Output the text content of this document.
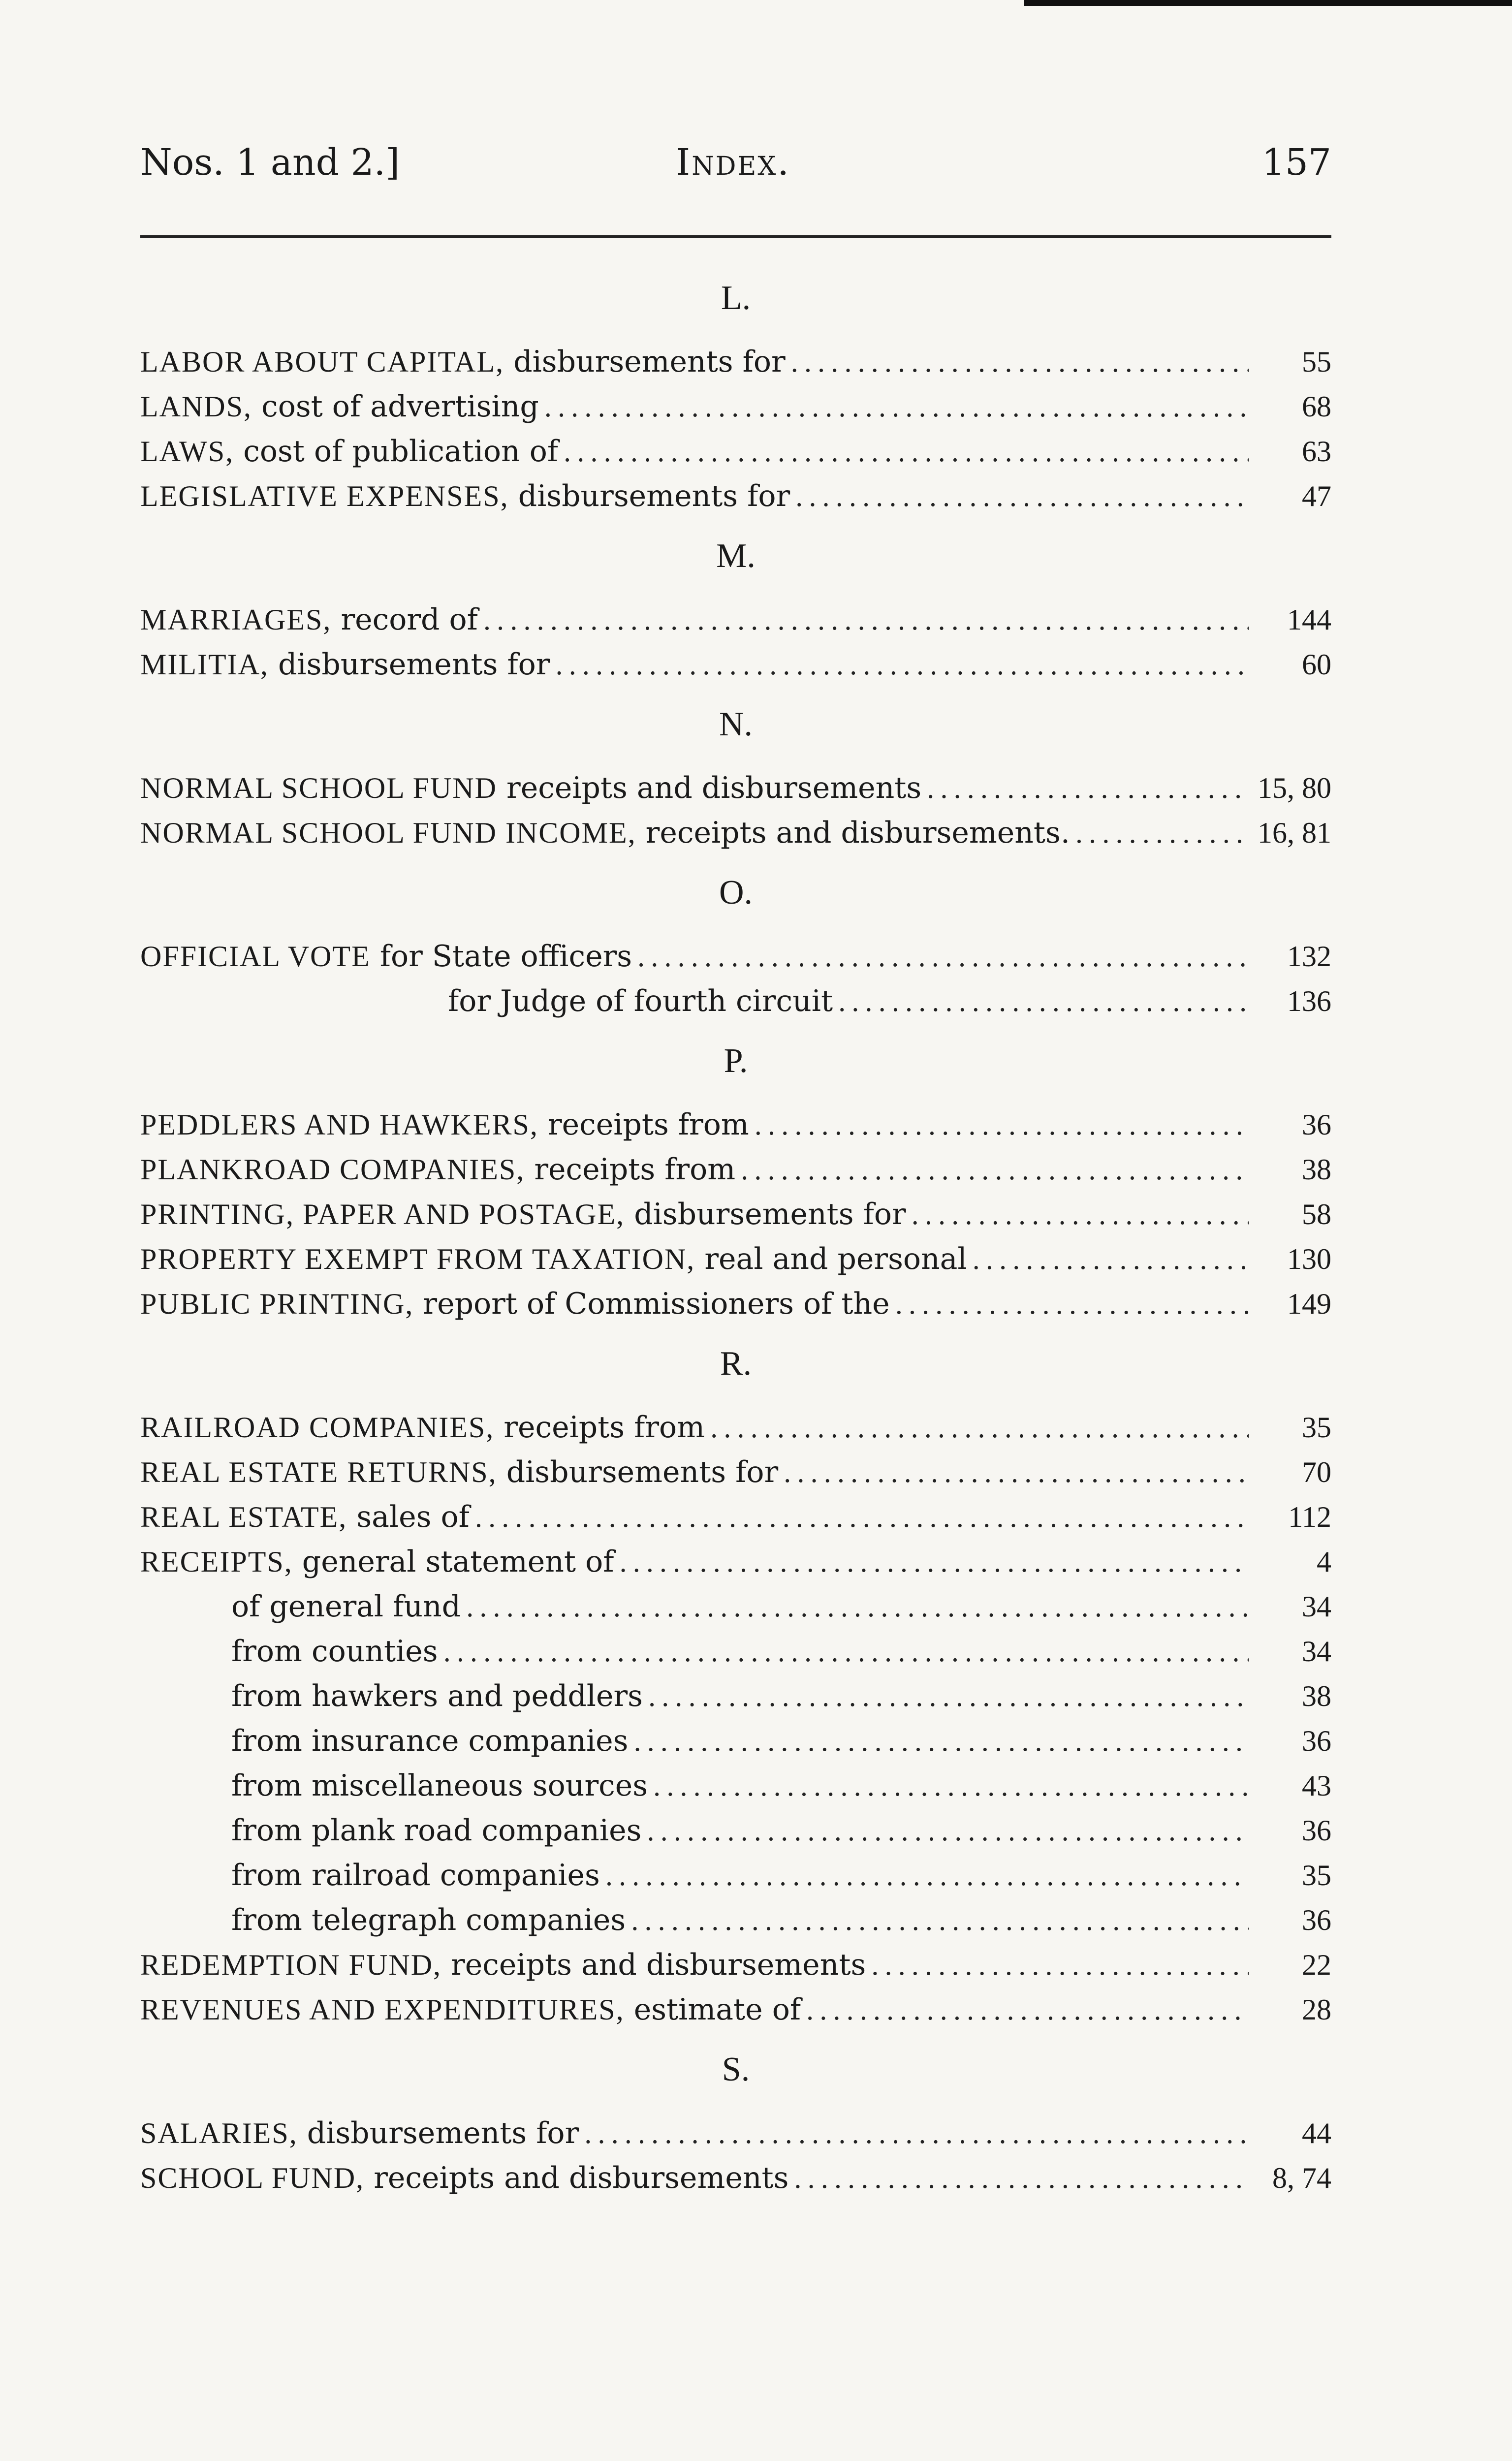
Nos. 1 and 2.]	Index.	157
L.
LABOR ABOUT CAPITAL, disbursements for .....	55
LANDS, cost of advertising .....	68
LAWS, cost of publication of .....	63
LEGISLATIVE EXPENSES, disbursements for .....	47
M.
MARRIAGES, record of .....	144
MILITIA, disbursements for .....	60
N.
NORMAL SCHOOL FUND receipts and disbursements .....	15, 80
NORMAL SCHOOL FUND INCOME, receipts and disbursements. .....	16, 81
O.
OFFICIAL VOTE for State officers .....	132
for Judge of fourth circuit .....	136
P.
PEDDLERS AND HAWKERS, receipts from .....	36
PLANKROAD COMPANIES, receipts from .....	38
PRINTING, PAPER AND POSTAGE, disbursements for .....	58
PROPERTY EXEMPT FROM TAXATION, real and personal .....	130
PUBLIC PRINTING, report of Commissioners of the .....	149
R.
RAILROAD COMPANIES, receipts from .....	35
REAL ESTATE RETURNS, disbursements for .....	70
REAL ESTATE, sales of .....	112
RECEIPTS, general statement of .....	4
of general fund .....	34
from counties .....	34
from hawkers and peddlers .....	38
from insurance companies .....	36
from miscellaneous sources .....	43
from plank road companies .....	36
from railroad companies .....	35
from telegraph companies .....	36
REDEMPTION FUND, receipts and disbursements .....	22
REVENUES AND EXPENDITURES, estimate of .....	28
S.
SALARIES, disbursements for .....	44
SCHOOL FUND, receipts and disbursements .....	8, 74
